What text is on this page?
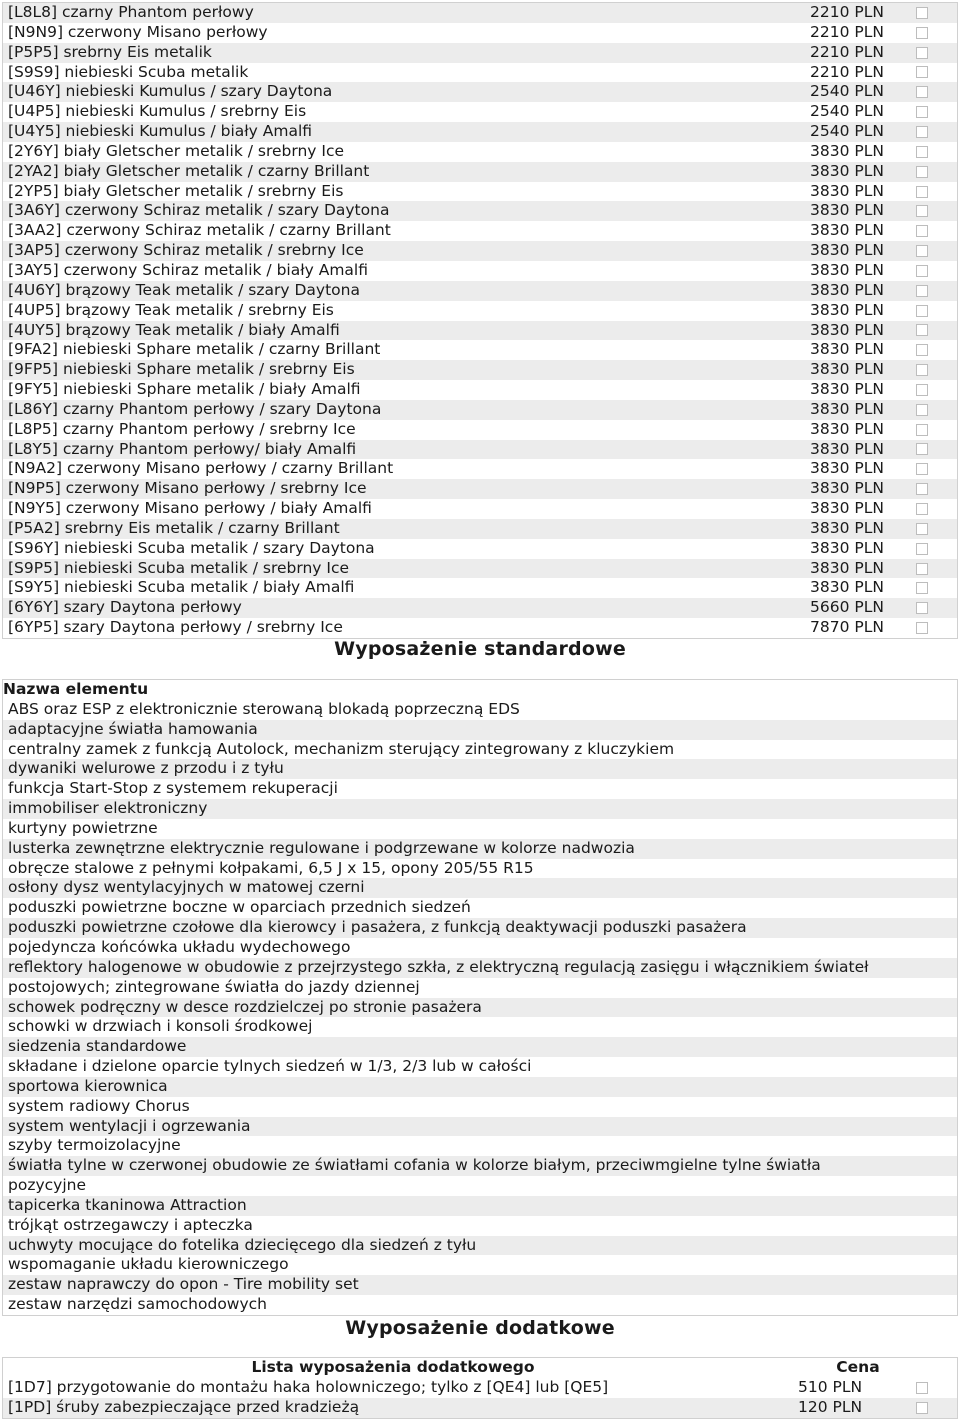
[L8L8] czarny Phantom perłowy	2210 PLN
[N9N9] czerwony Misano perłowy	2210 PLN
[P5P5] srebrny Eis metalik	2210 PLN
[S9S9] niebieski Scuba metalik	2210 PLN
[U46Y] niebieski Kumulus / szary Daytona	2540 PLN
[U4P5] niebieski Kumulus / srebrny Eis	2540 PLN
[U4Y5] niebieski Kumulus / biały Amalfi	2540 PLN
[2Y6Y] biały Gletscher metalik / srebrny Ice	3830 PLN
[2YA2] biały Gletscher metalik / czarny Brillant	3830 PLN
[2YP5] biały Gletscher metalik / srebrny Eis	3830 PLN
[3A6Y] czerwony Schiraz metalik / szary Daytona	3830 PLN
[3AA2] czerwony Schiraz metalik / czarny Brillant	3830 PLN
[3AP5] czerwony Schiraz metalik / srebrny Ice	3830 PLN
[3AY5] czerwony Schiraz metalik / biały Amalfi	3830 PLN
[4U6Y] brązowy Teak metalik / szary Daytona	3830 PLN
[4UP5] brązowy Teak metalik / srebrny Eis	3830 PLN
[4UY5] brązowy Teak metalik / biały Amalfi	3830 PLN
[9FA2] niebieski Sphare metalik / czarny Brillant	3830 PLN
[9FP5] niebieski Sphare metalik / srebrny Eis	3830 PLN
[9FY5] niebieski Sphare metalik / biały Amalfi	3830 PLN
[L86Y] czarny Phantom perłowy / szary Daytona	3830 PLN
[L8P5] czarny Phantom perłowy / srebrny Ice	3830 PLN
[L8Y5] czarny Phantom perłowy/ biały Amalfi	3830 PLN
[N9A2] czerwony Misano perłowy / czarny Brillant	3830 PLN
[N9P5] czerwony Misano perłowy / srebrny Ice	3830 PLN
[N9Y5] czerwony Misano perłowy / biały Amalfi	3830 PLN
[P5A2] srebrny Eis metalik / czarny Brillant	3830 PLN
[S96Y] niebieski Scuba metalik / szary Daytona	3830 PLN
[S9P5] niebieski Scuba metalik / srebrny Ice	3830 PLN
[S9Y5] niebieski Scuba metalik / biały Amalfi	3830 PLN
[6Y6Y] szary Daytona perłowy	5660 PLN
[6YP5] szary Daytona perłowy / srebrny Ice	7870 PLN
Wyposażenie standardowe
Nazwa elementu
ABS oraz ESP z elektronicznie sterowaną blokadą poprzeczną EDS
adaptacyjne światła hamowania
centralny zamek z funkcją Autolock, mechanizm sterujący zintegrowany z kluczykiem
dywaniki welurowe z przodu i z tyłu
funkcja Start-Stop z systemem rekuperacji
immobiliser elektroniczny
kurtyny powietrzne
lusterka zewnętrzne elektrycznie regulowane i podgrzewane w kolorze nadwozia
obręcze stalowe z pełnymi kołpakami, 6,5 J x 15, opony 205/55 R15
osłony dysz wentylacyjnych w matowej czerni
poduszki powietrzne boczne w oparciach przednich siedzeń
poduszki powietrzne czołowe dla kierowcy i pasażera, z funkcją deaktywacji poduszki pasażera
pojedyncza końcówka układu wydechowego
reflektory halogenowe w obudowie z przejrzystego szkła, z elektryczną regulacją zasięgu i włącznikiem świateł
postojowych; zintegrowane światła do jazdy dziennej
schowek podręczny w desce rozdzielczej po stronie pasażera
schowki w drzwiach i konsoli środkowej
siedzenia standardowe
składane i dzielone oparcie tylnych siedzeń w 1/3, 2/3 lub w całości
sportowa kierownica
system radiowy Chorus
system wentylacji i ogrzewania
szyby termoizolacyjne
światła tylne w czerwonej obudowie ze światłami cofania w kolorze białym, przeciwmgielne tylne światła
pozycyjne
tapicerka tkaninowa Attraction
trójkąt ostrzegawczy i apteczka
uchwyty mocujące do fotelika dziecięcego dla siedzeń z tyłu
wspomaganie układu kierowniczego
zestaw naprawczy do opon - Tire mobility set
zestaw narzędzi samochodowych
Wyposażenie dodatkowe
Lista wyposażenia dodatkowego	Cena
[1D7] przygotowanie do montażu haka holowniczego; tylko z [QE4] lub [QE5]	510 PLN
[1PD] śruby zabezpieczające przed kradzieżą	120 PLN
